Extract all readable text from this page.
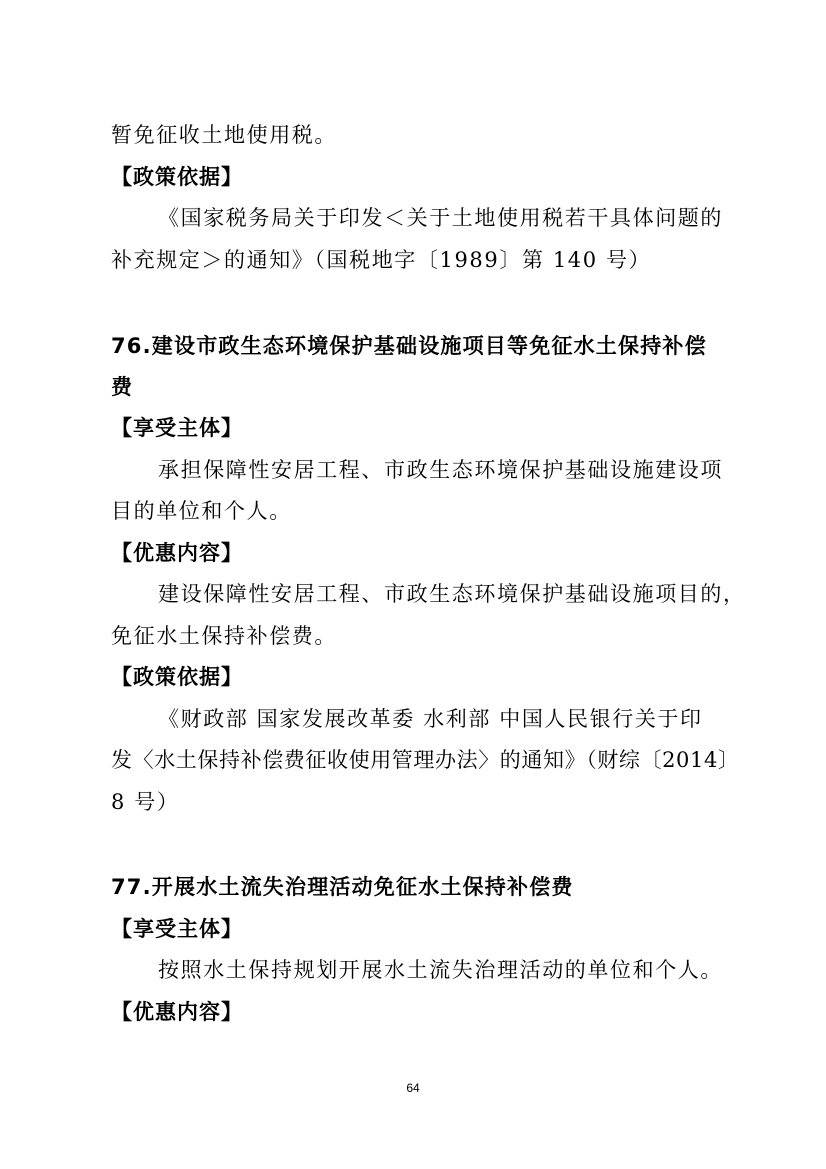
暂免征收土地使用税。
【政策依据】
《国家税务局关于印发＜关于土地使用税若干具体问题的
补充规定＞的通知》（国税地字〔1989〕第 140 号）
76.建设市政生态环境保护基础设施项目等免征水土保持补偿
费
【享受主体】
承担保障性安居工程、市政生态环境保护基础设施建设项
目的单位和个人。
【优惠内容】
建设保障性安居工程、市政生态环境保护基础设施项目的，
免征水土保持补偿费。
【政策依据】
《财政部 国家发展改革委 水利部 中国人民银行关于印
发〈水土保持补偿费征收使用管理办法〉的通知》（财综〔2014〕
8 号）
77.开展水土流失治理活动免征水土保持补偿费
【享受主体】
按照水土保持规划开展水土流失治理活动的单位和个人。
【优惠内容】
64
